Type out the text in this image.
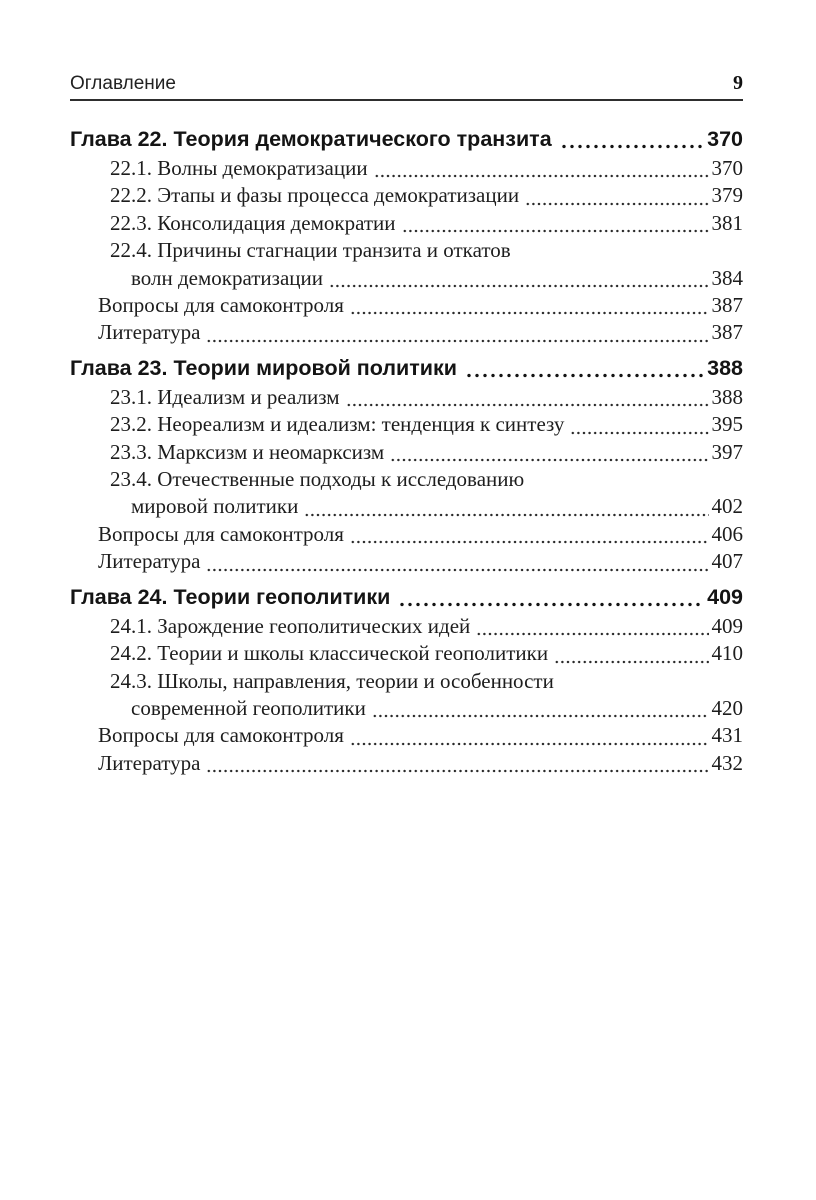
Оглавление	9
Глава 22. Теория демократического транзита	370
22.1. Волны демократизации	370
22.2. Этапы и фазы процесса демократизации	379
22.3. Консолидация демократии	381
22.4. Причины стагнации транзита и откатов
волн демократизации	384
Вопросы для самоконтроля	387
Литература	387
Глава 23. Теории мировой политики	388
23.1. Идеализм и реализм	388
23.2. Неореализм и идеализм: тенденция к синтезу	395
23.3. Марксизм и неомарксизм	397
23.4. Отечественные подходы к исследованию
мировой политики	402
Вопросы для самоконтроля	406
Литература	407
Глава 24. Теории геополитики	409
24.1. Зарождение геополитических идей	409
24.2. Теории и школы классической геополитики	410
24.3. Школы, направления, теории и особенности
современной геополитики	420
Вопросы для самоконтроля	431
Литература	432
